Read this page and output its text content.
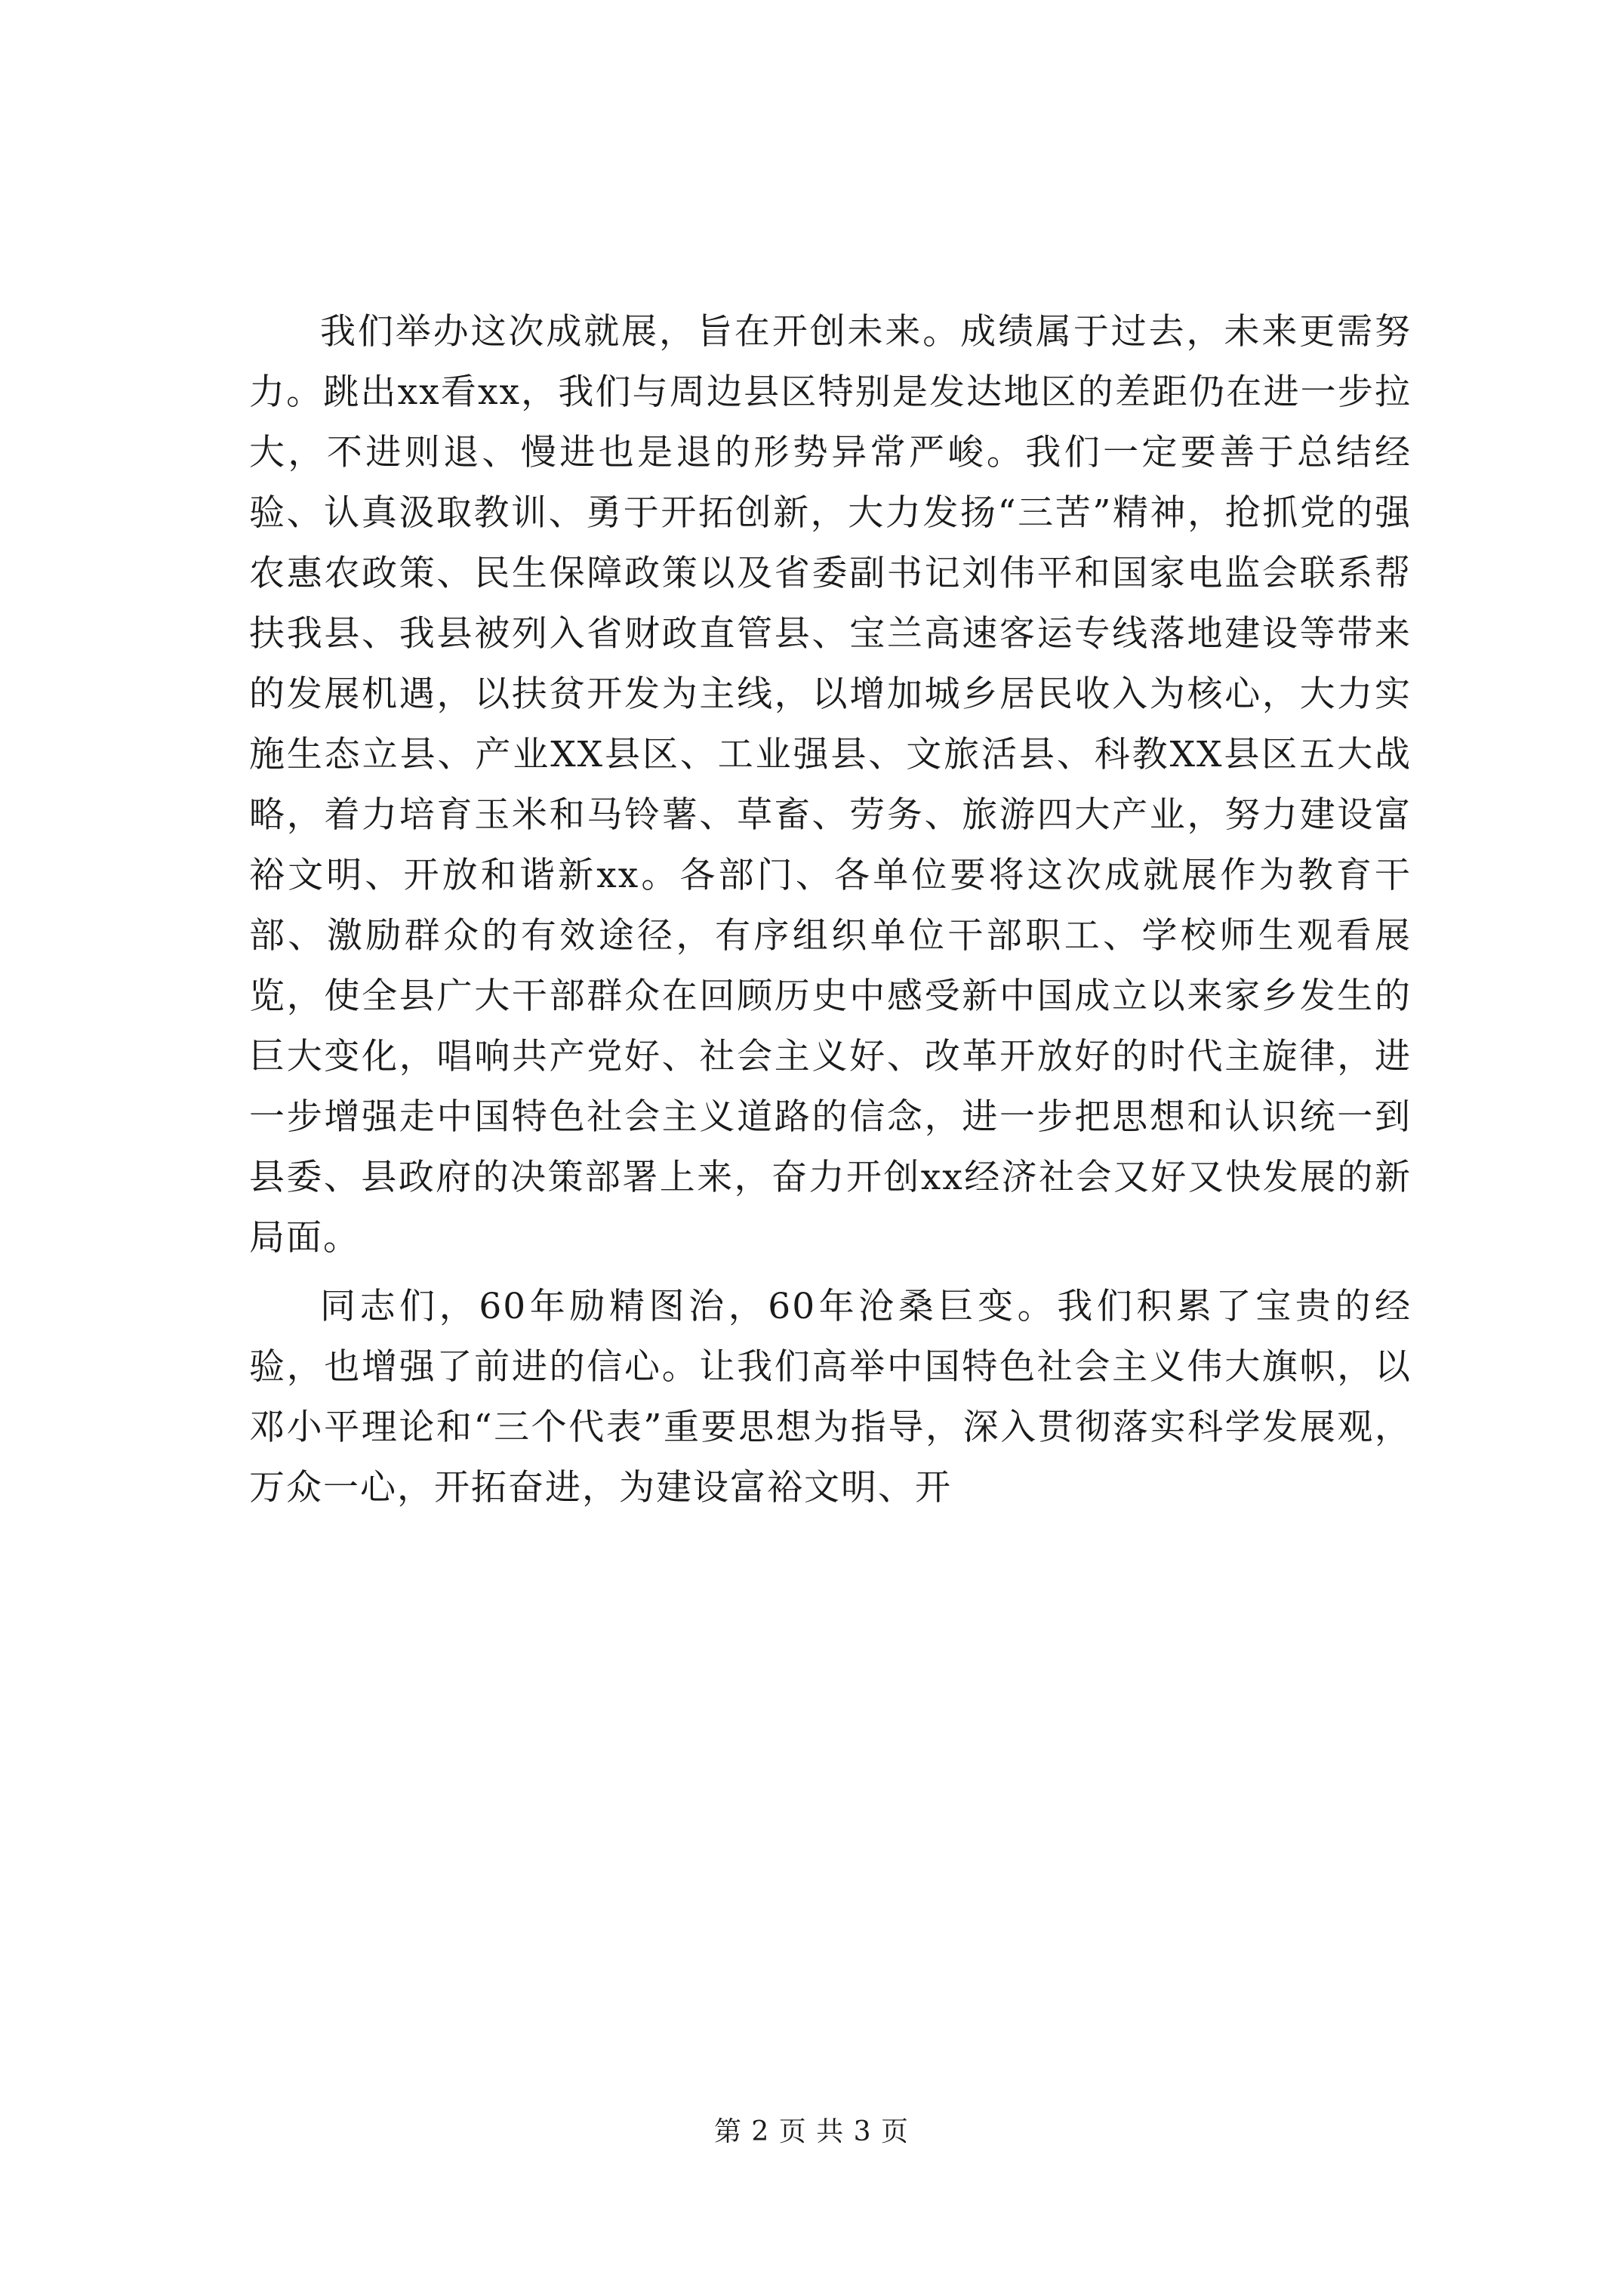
我们举办这次成就展，旨在开创未来。成绩属于过去，未来更需努力。跳出xx看xx，我们与周边县区特别是发达地区的差距仍在进一步拉大，不进则退、慢进也是退的形势异常严峻。我们一定要善于总结经验、认真汲取教训、勇于开拓创新，大力发扬“三苦”精神，抢抓党的强农惠农政策、民生保障政策以及省委副书记刘伟平和国家电监会联系帮扶我县、我县被列入省财政直管县、宝兰高速客运专线落地建设等带来的发展机遇，以扶贫开发为主线，以增加城乡居民收入为核心，大力实施生态立县、产业XX县区、工业强县、文旅活县、科教XX县区五大战略，着力培育玉米和马铃薯、草畜、劳务、旅游四大产业，努力建设富裕文明、开放和谐新xx。各部门、各单位要将这次成就展作为教育干部、激励群众的有效途径，有序组织单位干部职工、学校师生观看展览，使全县广大干部群众在回顾历史中感受新中国成立以来家乡发生的巨大变化，唱响共产党好、社会主义好、改革开放好的时代主旋律，进一步增强走中国特色社会主义道路的信念，进一步把思想和认识统一到县委、县政府的决策部署上来，奋力开创xx经济社会又好又快发展的新局面。

同志们，60年励精图治，60年沧桑巨变。我们积累了宝贵的经验，也增强了前进的信心。让我们高举中国特色社会主义伟大旗帜，以邓小平理论和“三个代表”重要思想为指导，深入贯彻落实科学发展观，万众一心，开拓奋进，为建设富裕文明、开

第 2 页 共 3 页
